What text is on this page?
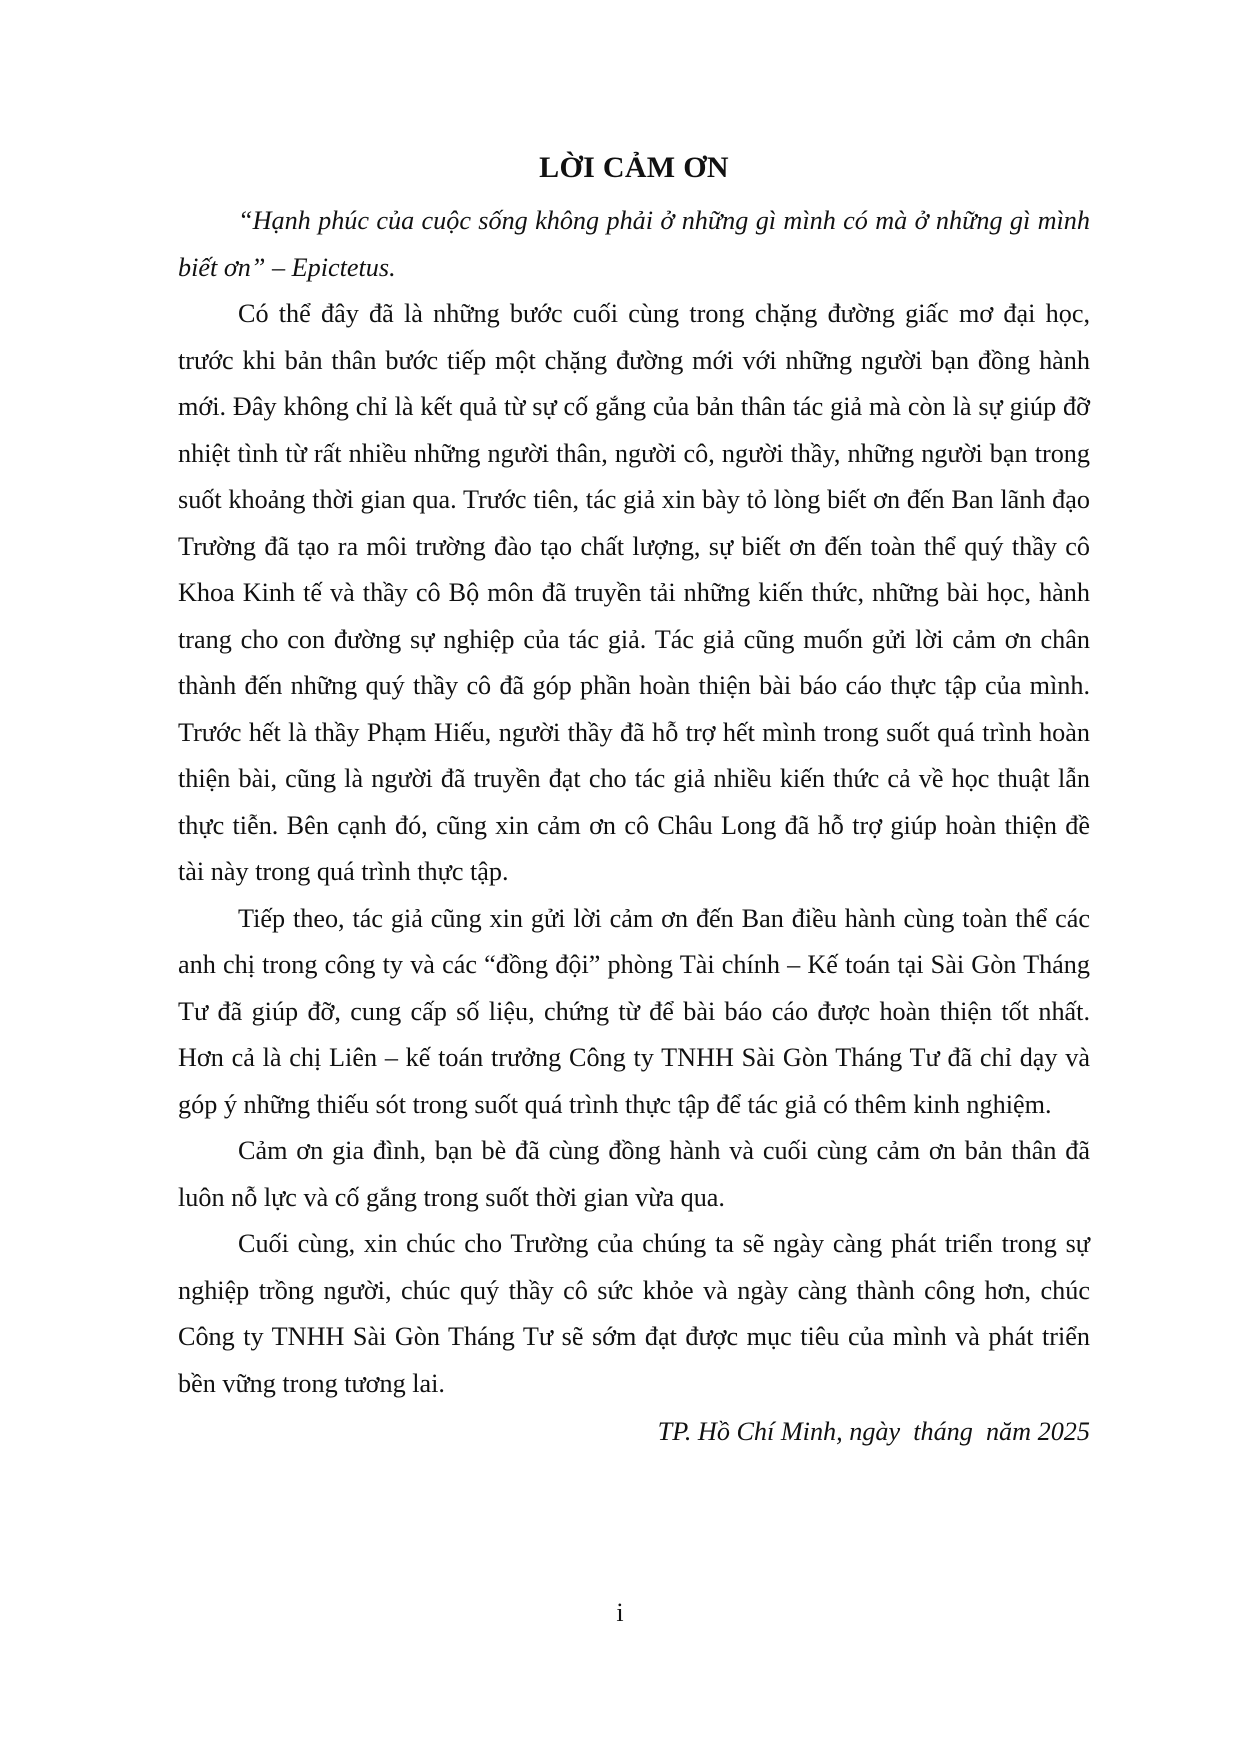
LỜI CẢM ƠN

“Hạnh phúc của cuộc sống không phải ở những gì mình có mà ở những gì mình biết ơn” – Epictetus.

Có thể đây đã là những bước cuối cùng trong chặng đường giấc mơ đại học, trước khi bản thân bước tiếp một chặng đường mới với những người bạn đồng hành mới. Đây không chỉ là kết quả từ sự cố gắng của bản thân tác giả mà còn là sự giúp đỡ nhiệt tình từ rất nhiều những người thân, người cô, người thầy, những người bạn trong suốt khoảng thời gian qua. Trước tiên, tác giả xin bày tỏ lòng biết ơn đến Ban lãnh đạo Trường đã tạo ra môi trường đào tạo chất lượng, sự biết ơn đến toàn thể quý thầy cô Khoa Kinh tế và thầy cô Bộ môn đã truyền tải những kiến thức, những bài học, hành trang cho con đường sự nghiệp của tác giả. Tác giả cũng muốn gửi lời cảm ơn chân thành đến những quý thầy cô đã góp phần hoàn thiện bài báo cáo thực tập của mình. Trước hết là thầy Phạm Hiếu, người thầy đã hỗ trợ hết mình trong suốt quá trình hoàn thiện bài, cũng là người đã truyền đạt cho tác giả nhiều kiến thức cả về học thuật lẫn thực tiễn. Bên cạnh đó, cũng xin cảm ơn cô Châu Long đã hỗ trợ giúp hoàn thiện đề tài này trong quá trình thực tập.

Tiếp theo, tác giả cũng xin gửi lời cảm ơn đến Ban điều hành cùng toàn thể các anh chị trong công ty và các “đồng đội” phòng Tài chính – Kế toán tại Sài Gòn Tháng Tư đã giúp đỡ, cung cấp số liệu, chứng từ để bài báo cáo được hoàn thiện tốt nhất. Hơn cả là chị Liên – kế toán trưởng Công ty TNHH Sài Gòn Tháng Tư đã chỉ dạy và góp ý những thiếu sót trong suốt quá trình thực tập để tác giả có thêm kinh nghiệm.

Cảm ơn gia đình, bạn bè đã cùng đồng hành và cuối cùng cảm ơn bản thân đã luôn nỗ lực và cố gắng trong suốt thời gian vừa qua.

Cuối cùng, xin chúc cho Trường của chúng ta sẽ ngày càng phát triển trong sự nghiệp trồng người, chúc quý thầy cô sức khỏe và ngày càng thành công hơn, chúc Công ty TNHH Sài Gòn Tháng Tư sẽ sớm đạt được mục tiêu của mình và phát triển bền vững trong tương lai.

TP. Hồ Chí Minh, ngày  tháng  năm 2025

i
